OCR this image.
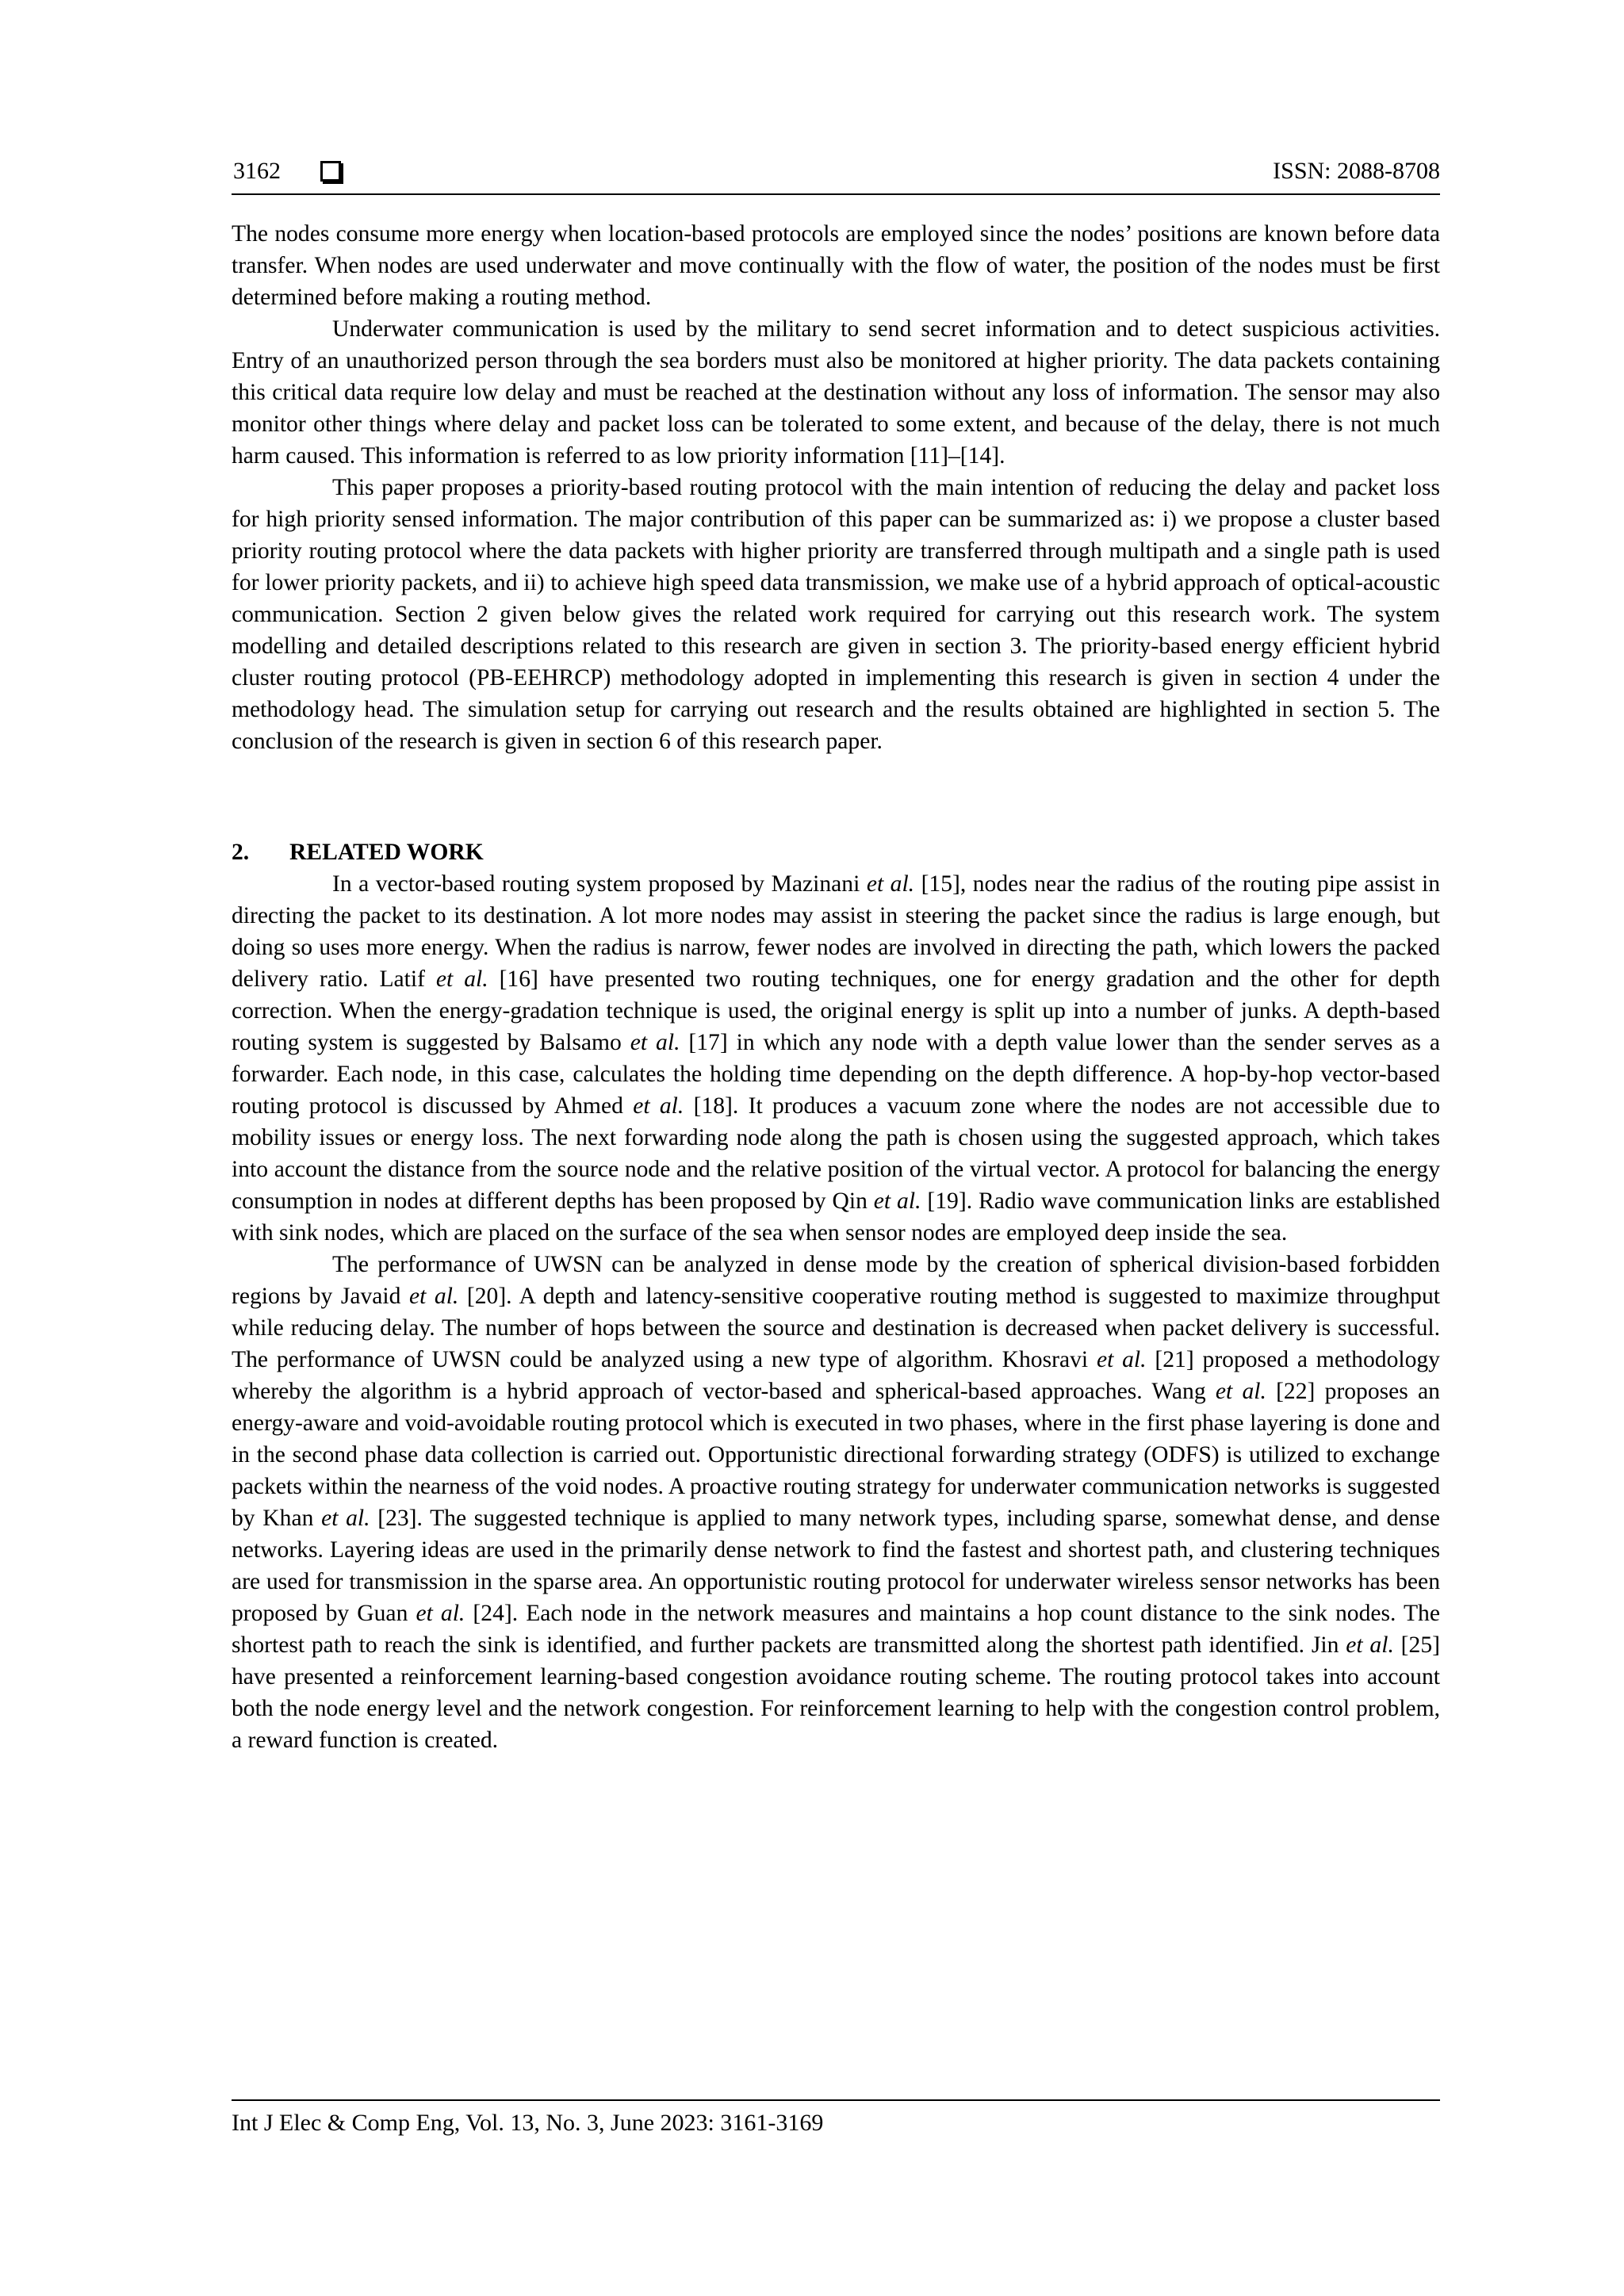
3162	ISSN: 2088-8708

The nodes consume more energy when location-based protocols are employed since the nodes’ positions are known before data transfer. When nodes are used underwater and move continually with the flow of water, the position of the nodes must be first determined before making a routing method.

Underwater communication is used by the military to send secret information and to detect suspicious activities. Entry of an unauthorized person through the sea borders must also be monitored at higher priority. The data packets containing this critical data require low delay and must be reached at the destination without any loss of information. The sensor may also monitor other things where delay and packet loss can be tolerated to some extent, and because of the delay, there is not much harm caused. This information is referred to as low priority information [11]–[14].

This paper proposes a priority-based routing protocol with the main intention of reducing the delay and packet loss for high priority sensed information. The major contribution of this paper can be summarized as: i) we propose a cluster based priority routing protocol where the data packets with higher priority are transferred through multipath and a single path is used for lower priority packets, and ii) to achieve high speed data transmission, we make use of a hybrid approach of optical-acoustic communication. Section 2 given below gives the related work required for carrying out this research work. The system modelling and detailed descriptions related to this research are given in section 3. The priority-based energy efficient hybrid cluster routing protocol (PB-EEHRCP) methodology adopted in implementing this research is given in section 4 under the methodology head. The simulation setup for carrying out research and the results obtained are highlighted in section 5. The conclusion of the research is given in section 6 of this research paper.

2. RELATED WORK

In a vector-based routing system proposed by Mazinani et al. [15], nodes near the radius of the routing pipe assist in directing the packet to its destination. A lot more nodes may assist in steering the packet since the radius is large enough, but doing so uses more energy. When the radius is narrow, fewer nodes are involved in directing the path, which lowers the packed delivery ratio. Latif et al. [16] have presented two routing techniques, one for energy gradation and the other for depth correction. When the energy-gradation technique is used, the original energy is split up into a number of junks. A depth-based routing system is suggested by Balsamo et al. [17] in which any node with a depth value lower than the sender serves as a forwarder. Each node, in this case, calculates the holding time depending on the depth difference. A hop-by-hop vector-based routing protocol is discussed by Ahmed et al. [18]. It produces a vacuum zone where the nodes are not accessible due to mobility issues or energy loss. The next forwarding node along the path is chosen using the suggested approach, which takes into account the distance from the source node and the relative position of the virtual vector. A protocol for balancing the energy consumption in nodes at different depths has been proposed by Qin et al. [19]. Radio wave communication links are established with sink nodes, which are placed on the surface of the sea when sensor nodes are employed deep inside the sea.

The performance of UWSN can be analyzed in dense mode by the creation of spherical division-based forbidden regions by Javaid et al. [20]. A depth and latency-sensitive cooperative routing method is suggested to maximize throughput while reducing delay. The number of hops between the source and destination is decreased when packet delivery is successful. The performance of UWSN could be analyzed using a new type of algorithm. Khosravi et al. [21] proposed a methodology whereby the algorithm is a hybrid approach of vector-based and spherical-based approaches. Wang et al. [22] proposes an energy-aware and void-avoidable routing protocol which is executed in two phases, where in the first phase layering is done and in the second phase data collection is carried out. Opportunistic directional forwarding strategy (ODFS) is utilized to exchange packets within the nearness of the void nodes. A proactive routing strategy for underwater communication networks is suggested by Khan et al. [23]. The suggested technique is applied to many network types, including sparse, somewhat dense, and dense networks. Layering ideas are used in the primarily dense network to find the fastest and shortest path, and clustering techniques are used for transmission in the sparse area. An opportunistic routing protocol for underwater wireless sensor networks has been proposed by Guan et al. [24]. Each node in the network measures and maintains a hop count distance to the sink nodes. The shortest path to reach the sink is identified, and further packets are transmitted along the shortest path identified. Jin et al. [25] have presented a reinforcement learning-based congestion avoidance routing scheme. The routing protocol takes into account both the node energy level and the network congestion. For reinforcement learning to help with the congestion control problem, a reward function is created.

Int J Elec & Comp Eng, Vol. 13, No. 3, June 2023: 3161-3169
